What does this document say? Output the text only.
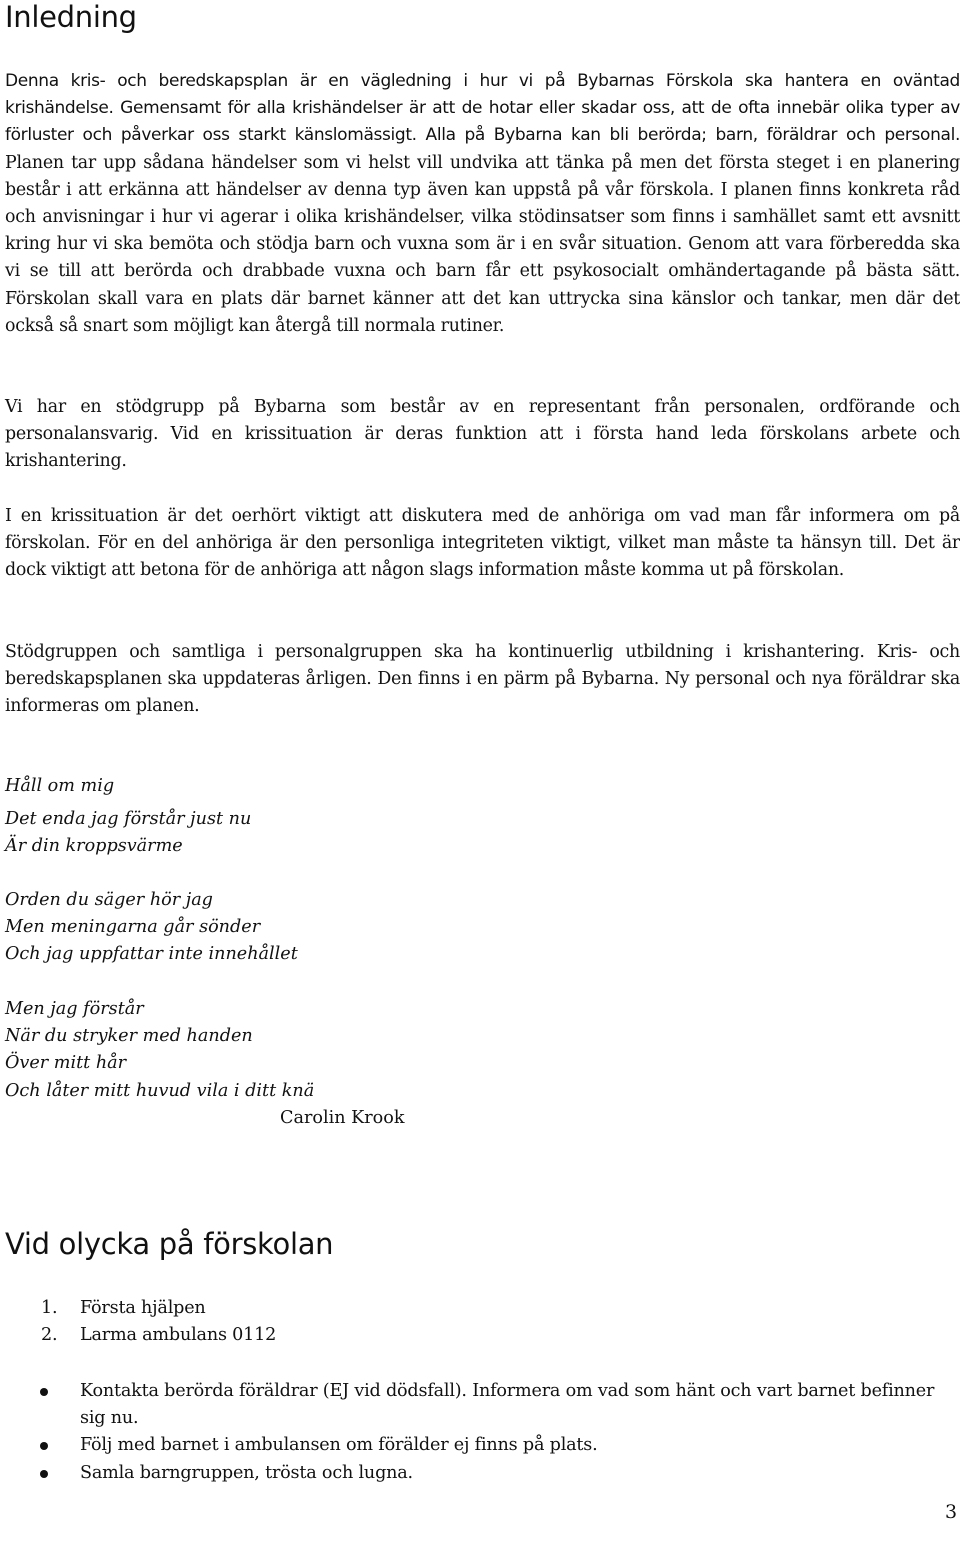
Inledning

Denna kris- och beredskapsplan är en vägledning i hur vi på Bybarnas Förskola ska hantera en oväntad krishändelse. Gemensamt för alla krishändelser är att de hotar eller skadar oss, att de ofta innebär olika typer av förluster och påverkar oss starkt känslomässigt. Alla på Bybarna kan bli berörda; barn, föräldrar och personal. Planen tar upp sådana händelser som vi helst vill undvika att tänka på men det första steget i en planering består i att erkänna att händelser av denna typ även kan uppstå på vår förskola. I planen finns konkreta råd och anvisningar i hur vi agerar i olika krishändelser, vilka stödinsatser som finns i samhället samt ett avsnitt kring hur vi ska bemöta och stödja barn och vuxna som är i en svår situation. Genom att vara förberedda ska vi se till att berörda och drabbade vuxna och barn får ett psykosocialt omhändertagande på bästa sätt. Förskolan skall vara en plats där barnet känner att det kan uttrycka sina känslor och tankar, men där det också så snart som möjligt kan återgå till normala rutiner.

Vi har en stödgrupp på Bybarna som består av en representant från personalen, ordförande och personalansvarig. Vid en krissituation är deras funktion att i första hand leda förskolans arbete och krishantering.

I en krissituation är det oerhört viktigt att diskutera med de anhöriga om vad man får informera om på förskolan. För en del anhöriga är den personliga integriteten viktigt, vilket man måste ta hänsyn till. Det är dock viktigt att betona för de anhöriga att någon slags information måste komma ut på förskolan.

Stödgruppen och samtliga i personalgruppen ska ha kontinuerlig utbildning i krishantering. Kris- och beredskapsplanen ska uppdateras årligen. Den finns i en pärm på Bybarna. Ny personal och nya föräldrar ska informeras om planen.

Håll om mig
Det enda jag förstår just nu
Är din kroppsvärme
Orden du säger hör jag
Men meningarna går sönder
Och jag uppfattar inte innehållet
Men jag förstår
När du stryker med handen
Över mitt hår
Och låter mitt huvud vila i ditt knä
Carolin Krook
Vid olycka på förskolan
1. Första hjälpen
2. Larma ambulans 0112
Kontakta berörda föräldrar (EJ vid dödsfall). Informera om vad som hänt och vart barnet befinner sig nu.
Följ med barnet i ambulansen om förälder ej finns på plats.
Samla barngruppen, trösta och lugna.
3
